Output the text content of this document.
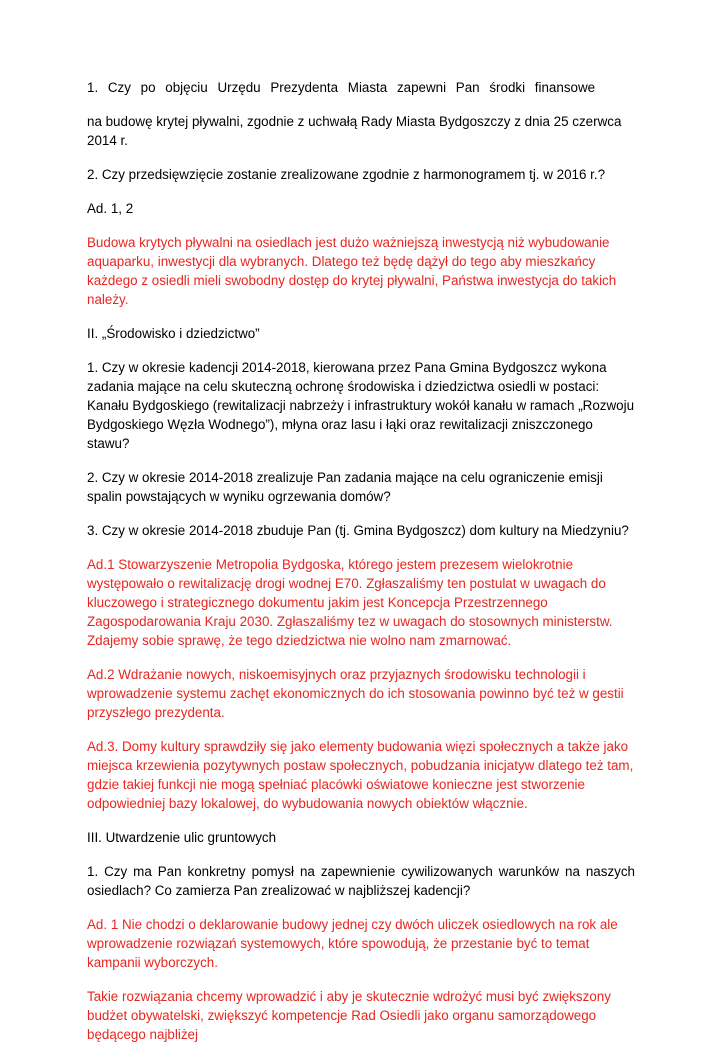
1. Czy po objęciu Urzędu Prezydenta Miasta zapewni Pan środki finansowe

na budowę krytej pływalni, zgodnie z uchwałą Rady Miasta Bydgoszczy z dnia 25 czerwca 2014 r.

2. Czy przedsięwzięcie zostanie zrealizowane zgodnie z harmonogramem tj. w 2016 r.?

Ad. 1, 2

Budowa krytych pływalni na osiedlach jest dużo ważniejszą inwestycją niż wybudowanie aquaparku, inwestycji dla wybranych. Dlatego też będę dążył do tego aby mieszkańcy każdego z osiedli mieli swobodny dostęp do krytej pływalni, Państwa inwestycja do takich należy.

II. „Środowisko i dziedzictwo”

1. Czy w okresie kadencji 2014-2018, kierowana przez Pana Gmina Bydgoszcz wykona zadania mające na celu skuteczną ochronę środowiska i dziedzictwa osiedli w postaci: Kanału Bydgoskiego (rewitalizacji nabrzeży i infrastruktury wokół kanału w ramach „Rozwoju Bydgoskiego Węzła Wodnego”), młyna oraz lasu i łąki oraz rewitalizacji zniszczonego stawu?

2. Czy w okresie 2014-2018 zrealizuje Pan zadania mające na celu ograniczenie emisji spalin powstających w wyniku ogrzewania domów?

3. Czy w okresie 2014-2018 zbuduje Pan (tj. Gmina Bydgoszcz) dom kultury na Miedzyniu?

Ad.1 Stowarzyszenie Metropolia Bydgoska, którego jestem prezesem wielokrotnie występowało o rewitalizację drogi wodnej E70. Zgłaszaliśmy ten postulat w uwagach do kluczowego i strategicznego dokumentu jakim jest Koncepcja Przestrzennego Zagospodarowania Kraju 2030. Zgłaszaliśmy tez w uwagach do stosownych ministerstw. Zdajemy sobie sprawę, że tego dziedzictwa nie wolno nam zmarnować.

Ad.2 Wdrażanie nowych, niskoemisyjnych oraz przyjaznych środowisku technologii i wprowadzenie systemu zachęt ekonomicznych do ich stosowania powinno być też w gestii przyszłego prezydenta.

Ad.3. Domy kultury sprawdziły się jako elementy budowania więzi społecznych a także jako miejsca krzewienia pozytywnych postaw społecznych, pobudzania inicjatyw dlatego też tam, gdzie takiej funkcji nie mogą spełniać placówki oświatowe konieczne jest stworzenie odpowiedniej bazy lokalowej, do wybudowania nowych obiektów włącznie.

III. Utwardzenie ulic gruntowych

1. Czy ma Pan konkretny pomysł na zapewnienie cywilizowanych warunków na naszych osiedlach? Co zamierza Pan zrealizować w najbliższej kadencji?

Ad. 1 Nie chodzi o deklarowanie budowy jednej czy dwóch uliczek osiedlowych na rok ale wprowadzenie rozwiązań systemowych, które spowodują, że przestanie być to temat kampanii wyborczych.

Takie rozwiązania chcemy wprowadzić i aby je skutecznie wdrożyć musi być zwiększony budżet obywatelski, zwiększyć kompetencje Rad Osiedli jako organu samorządowego będącego najbliżej
